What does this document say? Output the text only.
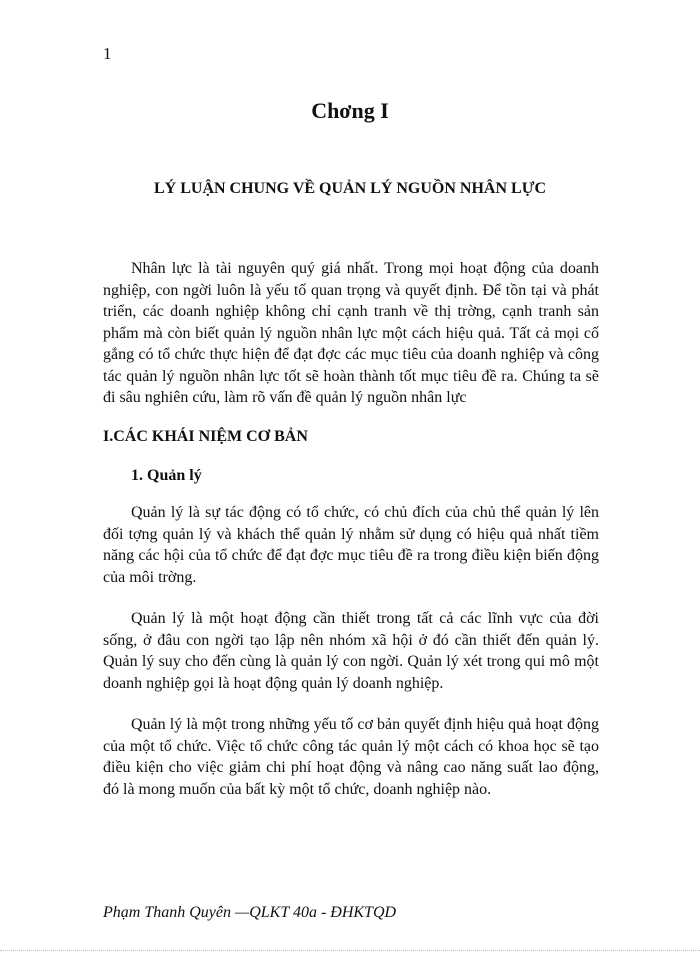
1
Chơng I
LÝ LUẬN CHUNG VỀ QUẢN LÝ NGUỒN NHÂN LỰC

Nhân lực là tài nguyên quý giá nhất. Trong mọi hoạt động của doanh nghiệp, con ngời luôn là yếu tố quan trọng và quyết định. Để tồn tại và phát triển, các doanh nghiệp không chỉ cạnh tranh về thị trờng, cạnh tranh sản phẩm mà còn biết quản lý nguồn nhân lực một cách hiệu quả. Tất cả mọi cố gắng có tổ chức thực hiện để đạt đợc các mục tiêu của doanh nghiệp và công tác quản lý nguồn nhân lực tốt sẽ hoàn thành tốt mục tiêu đề ra. Chúng ta sẽ đi sâu nghiên cứu, làm rõ vấn đề quản lý nguồn nhân lực

I.CÁC KHÁI NIỆM CƠ BẢN
1. Quản lý

Quản lý là sự tác động có tổ chức, có chủ đích của chủ thể quản lý lên đối tợng quản lý và khách thể quản lý nhằm sử dụng có hiệu quả nhất tiềm năng các hội của tổ chức để đạt đợc mục tiêu đề ra trong điều kiện biến động của môi trờng.

Quản lý là một hoạt động cần thiết trong tất cả các lĩnh vực của đời sống, ở đâu con ngời tạo lập nên nhóm xã hội ở đó cần thiết đến quản lý. Quản lý suy cho đến cùng là quản lý con ngời. Quản lý xét trong qui mô một doanh nghiệp gọi là hoạt động quản lý doanh nghiệp.

Quản lý là một trong những yếu tố cơ bản quyết định hiệu quả hoạt động của một tổ chức. Việc tổ chức công tác quản lý một cách có khoa học sẽ tạo điều kiện cho việc giảm chi phí hoạt động và nâng cao năng suất lao động, đó là mong muốn của bất kỳ một tổ chức, doanh nghiệp nào.

Phạm Thanh Quyên —QLKT 40a - ĐHKTQD
